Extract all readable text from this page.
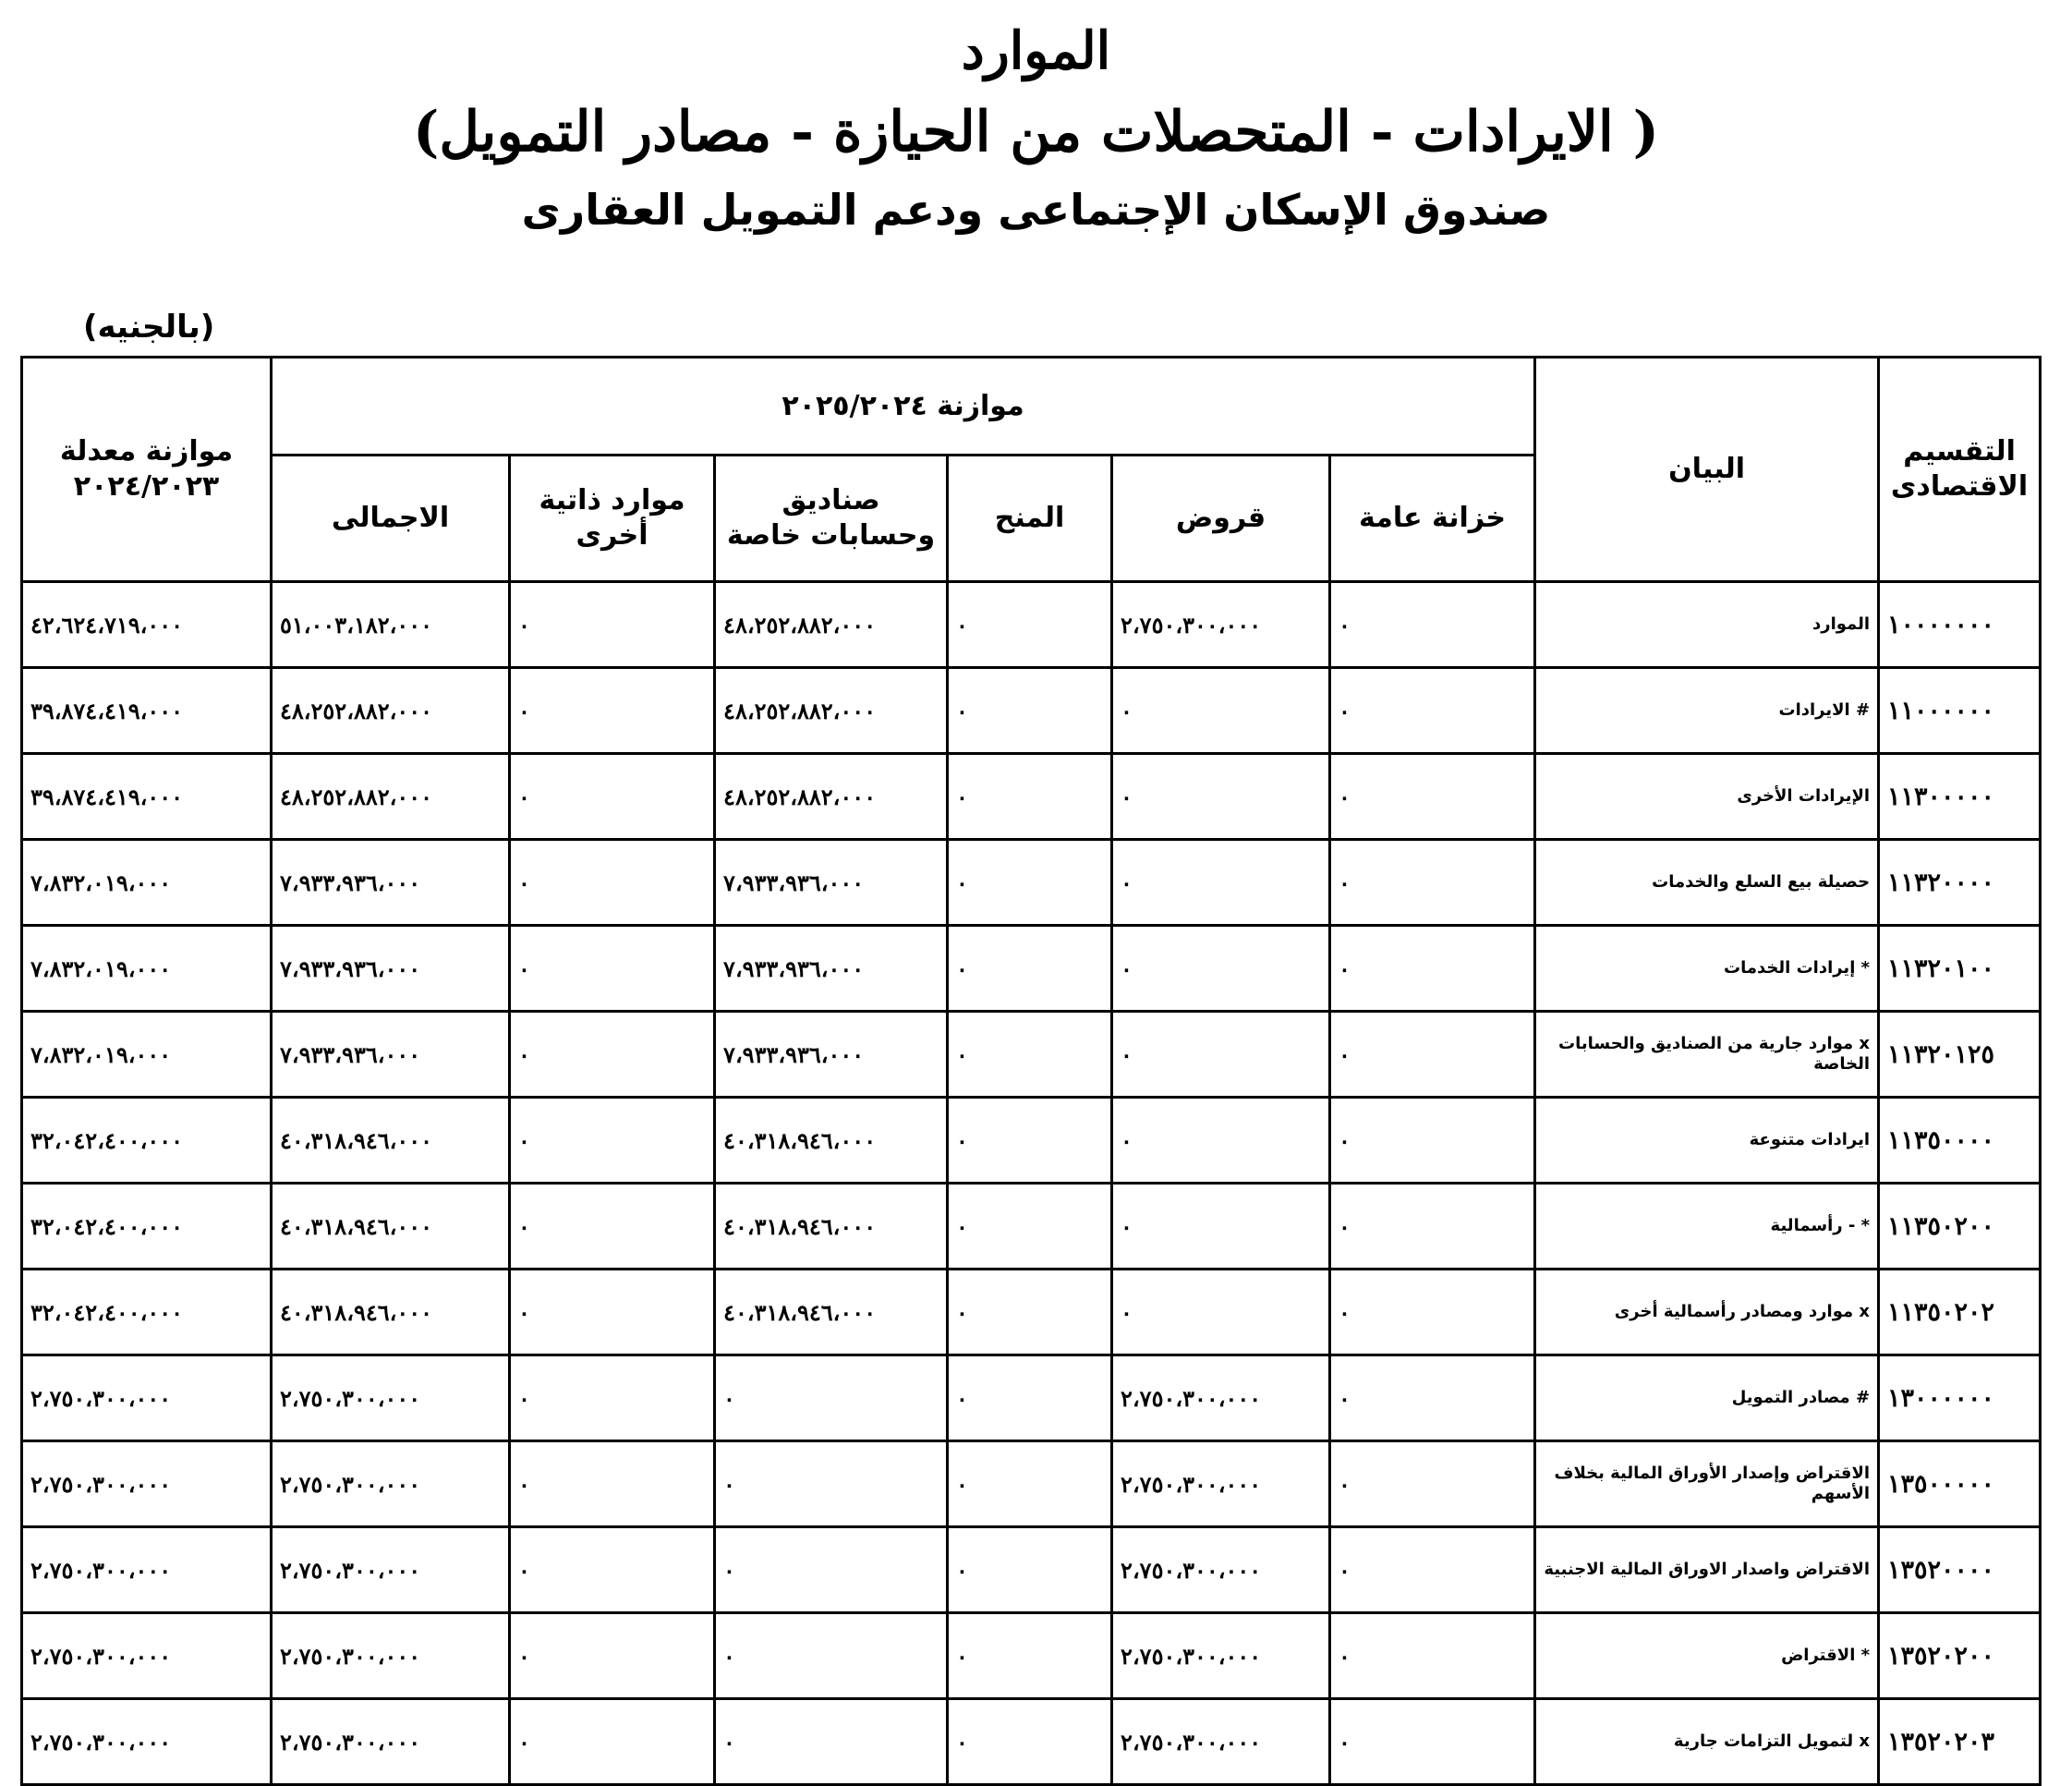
الموارد
( الايرادات - المتحصلات من الحيازة - مصادر التمويل)
صندوق الإسكان الإجتماعى ودعم التمويل العقارى
(بالجنيه)
التقسيم الاقتصادى	البيان	موازنة ٢٠٢٥/٢٠٢٤						موازنة معدلة ٢٠٢٤/٢٠٢٣
		خزانة عامة	قروض	المنح	صناديق وحسابات خاصة	موارد ذاتية أخرى	الاجمالى	
١٠٠٠٠٠٠٠	الموارد	٠	٢،٧٥٠،٣٠٠،٠٠٠	٠	٤٨،٢٥٢،٨٨٢،٠٠٠	٠	٥١،٠٠٣،١٨٢،٠٠٠	٤٢،٦٢٤،٧١٩،٠٠٠
١١٠٠٠٠٠٠	# الايرادات	٠	٠	٠	٤٨،٢٥٢،٨٨٢،٠٠٠	٠	٤٨،٢٥٢،٨٨٢،٠٠٠	٣٩،٨٧٤،٤١٩،٠٠٠
١١٣٠٠٠٠٠	الإيرادات الأخرى	٠	٠	٠	٤٨،٢٥٢،٨٨٢،٠٠٠	٠	٤٨،٢٥٢،٨٨٢،٠٠٠	٣٩،٨٧٤،٤١٩،٠٠٠
١١٣٢٠٠٠٠	حصيلة بيع السلع والخدمات	٠	٠	٠	٧،٩٣٣،٩٣٦،٠٠٠	٠	٧،٩٣٣،٩٣٦،٠٠٠	٧،٨٣٢،٠١٩،٠٠٠
١١٣٢٠١٠٠	* إيرادات الخدمات	٠	٠	٠	٧،٩٣٣،٩٣٦،٠٠٠	٠	٧،٩٣٣،٩٣٦،٠٠٠	٧،٨٣٢،٠١٩،٠٠٠
١١٣٢٠١٢٥	x موارد جارية من الصناديق والحسابات الخاصة	٠	٠	٠	٧،٩٣٣،٩٣٦،٠٠٠	٠	٧،٩٣٣،٩٣٦،٠٠٠	٧،٨٣٢،٠١٩،٠٠٠
١١٣٥٠٠٠٠	ايرادات متنوعة	٠	٠	٠	٤٠،٣١٨،٩٤٦،٠٠٠	٠	٤٠،٣١٨،٩٤٦،٠٠٠	٣٢،٠٤٢،٤٠٠،٠٠٠
١١٣٥٠٢٠٠	* - رأسمالية	٠	٠	٠	٤٠،٣١٨،٩٤٦،٠٠٠	٠	٤٠،٣١٨،٩٤٦،٠٠٠	٣٢،٠٤٢،٤٠٠،٠٠٠
١١٣٥٠٢٠٢	x موارد ومصادر رأسمالية أخرى	٠	٠	٠	٤٠،٣١٨،٩٤٦،٠٠٠	٠	٤٠،٣١٨،٩٤٦،٠٠٠	٣٢،٠٤٢،٤٠٠،٠٠٠
١٣٠٠٠٠٠٠	# مصادر التمويل	٠	٢،٧٥٠،٣٠٠،٠٠٠	٠	٠	٠	٢،٧٥٠،٣٠٠،٠٠٠	٢،٧٥٠،٣٠٠،٠٠٠
١٣٥٠٠٠٠٠	الاقتراض وإصدار الأوراق المالية بخلاف الأسهم	٠	٢،٧٥٠،٣٠٠،٠٠٠	٠	٠	٠	٢،٧٥٠،٣٠٠،٠٠٠	٢،٧٥٠،٣٠٠،٠٠٠
١٣٥٢٠٠٠٠	الاقتراض واصدار الاوراق المالية الاجنبية	٠	٢،٧٥٠،٣٠٠،٠٠٠	٠	٠	٠	٢،٧٥٠،٣٠٠،٠٠٠	٢،٧٥٠،٣٠٠،٠٠٠
١٣٥٢٠٢٠٠	* الاقتراض	٠	٢،٧٥٠،٣٠٠،٠٠٠	٠	٠	٠	٢،٧٥٠،٣٠٠،٠٠٠	٢،٧٥٠،٣٠٠،٠٠٠
١٣٥٢٠٢٠٣	x لتمويل التزامات جارية	٠	٢،٧٥٠،٣٠٠،٠٠٠	٠	٠	٠	٢،٧٥٠،٣٠٠،٠٠٠	٢،٧٥٠،٣٠٠،٠٠٠
